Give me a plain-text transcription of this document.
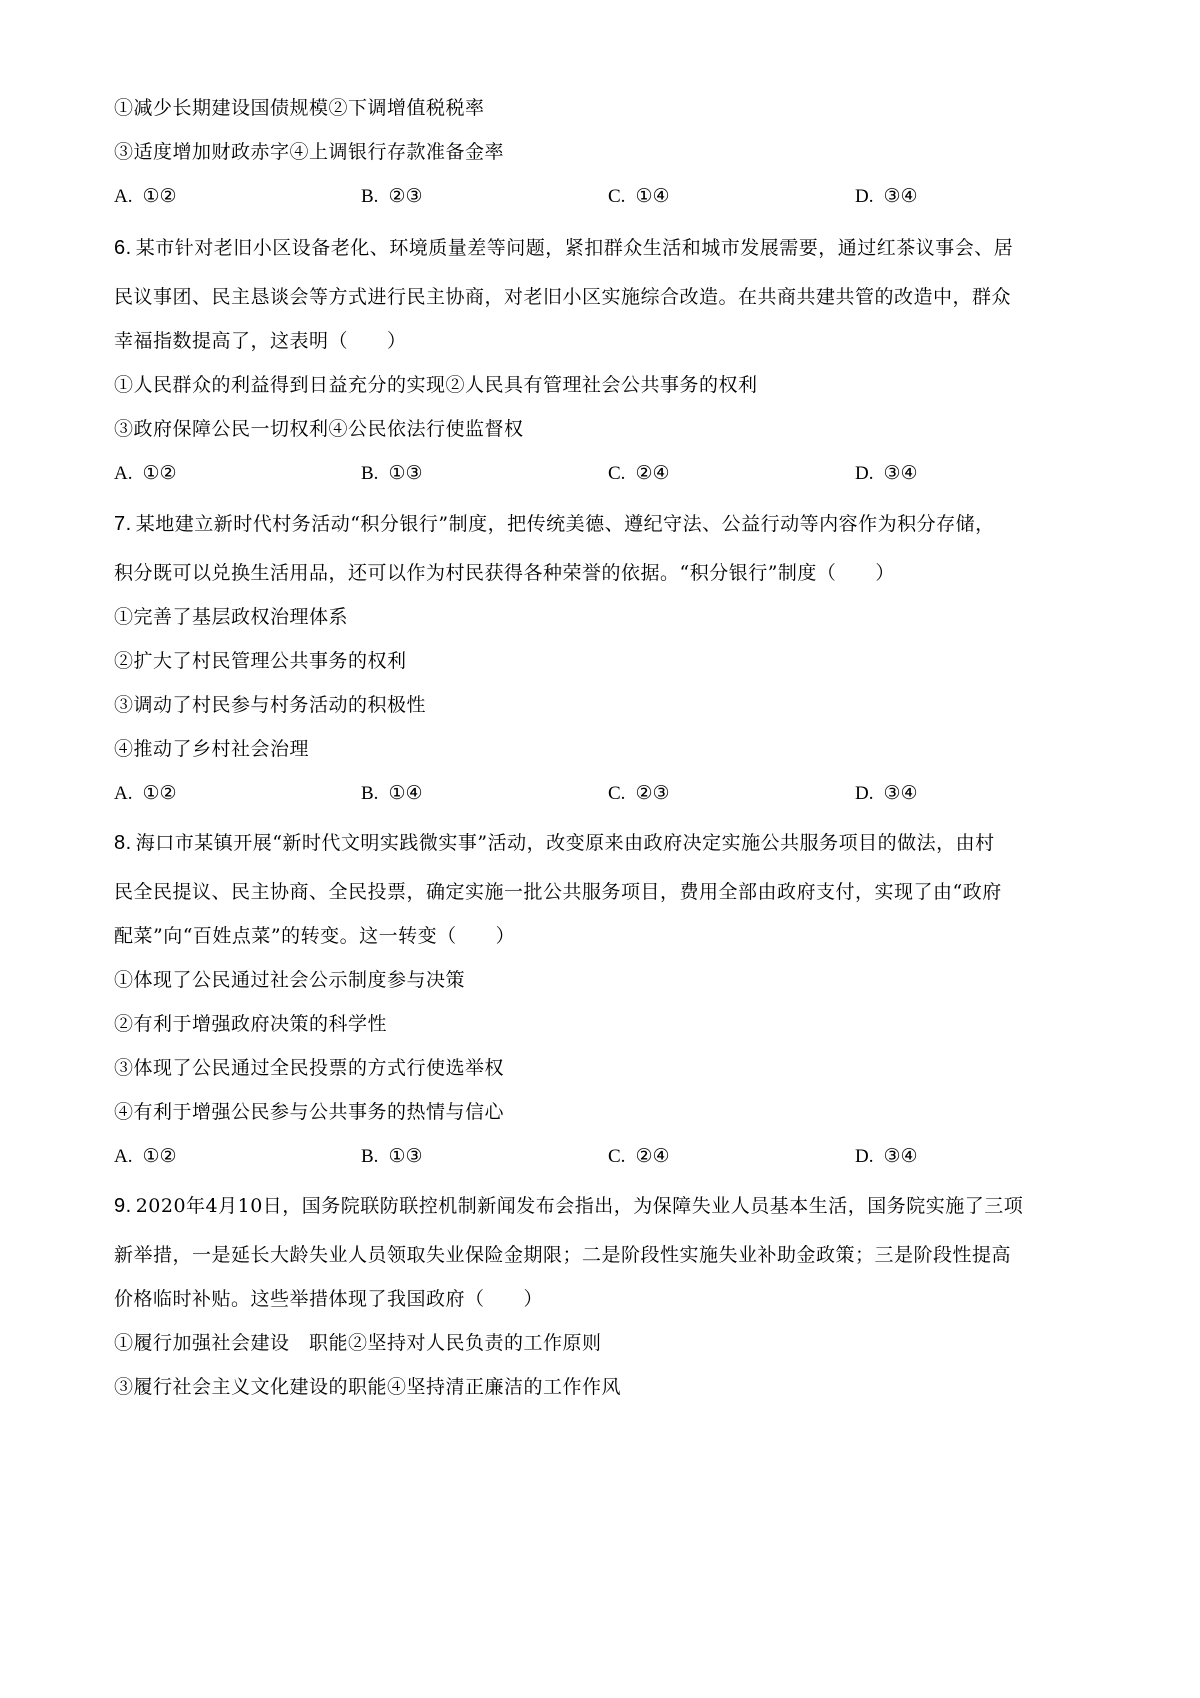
①减少长期建设国债规模②下调增值税税率
③适度增加财政赤字④上调银行存款准备金率
A. ①②	B. ②③	C. ①④	D. ③④
6. 某市针对老旧小区设备老化、环境质量差等问题，紧扣群众生活和城市发展需要，通过红茶议事会、居
民议事团、民主恳谈会等方式进行民主协商，对老旧小区实施综合改造。在共商共建共管的改造中，群众
幸福指数提高了，这表明（　　）
①人民群众的利益得到日益充分的实现②人民具有管理社会公共事务的权利
③政府保障公民一切权利④公民依法行使监督权
A. ①②	B. ①③	C. ②④	D. ③④
7. 某地建立新时代村务活动“积分银行”制度，把传统美德、遵纪守法、公益行动等内容作为积分存储，
积分既可以兑换生活用品，还可以作为村民获得各种荣誉的依据。“积分银行”制度（　　）
①完善了基层政权治理体系
②扩大了村民管理公共事务的权利
③调动了村民参与村务活动的积极性
④推动了乡村社会治理
A. ①②	B. ①④	C. ②③	D. ③④
8. 海口市某镇开展“新时代文明实践微实事”活动，改变原来由政府决定实施公共服务项目的做法，由村
民全民提议、民主协商、全民投票，确定实施一批公共服务项目，费用全部由政府支付，实现了由“政府
配菜”向“百姓点菜”的转变。这一转变（　　）
①体现了公民通过社会公示制度参与决策
②有利于增强政府决策的科学性
③体现了公民通过全民投票的方式行使选举权
④有利于增强公民参与公共事务的热情与信心
A. ①②	B. ①③	C. ②④	D. ③④
9. 2020年4月10日，国务院联防联控机制新闻发布会指出，为保障失业人员基本生活，国务院实施了三项
新举措，一是延长大龄失业人员领取失业保险金期限；二是阶段性实施失业补助金政策；三是阶段性提高
价格临时补贴。这些举措体现了我国政府（　　）
①履行加强社会建设　职能②坚持对人民负责的工作原则
③履行社会主义文化建设的职能④坚持清正廉洁的工作作风
